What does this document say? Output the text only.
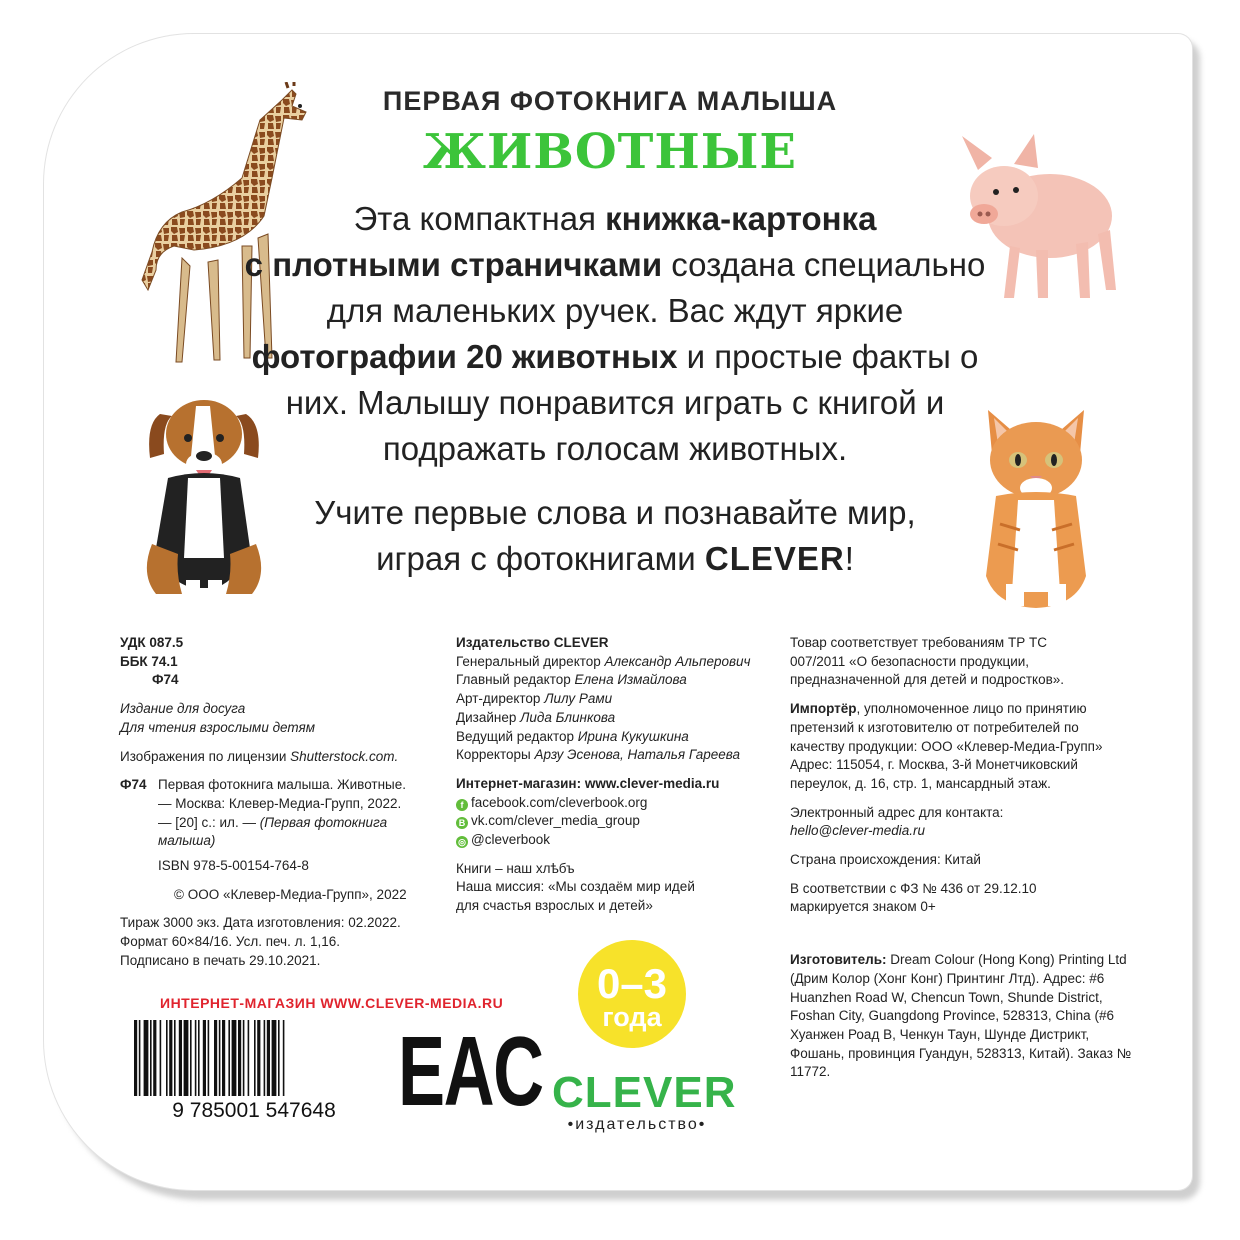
ПЕРВАЯ ФОТОКНИГА МАЛЫША
ЖИВОТНЫЕ
Эта компактная книжка-картонка
с плотными страничками создана специально для маленьких ручек. Вас ждут яркие фотографии 20 животных и простые факты о них. Малышу понравится играть с книгой и подражать голосам животных.
Учите первые слова и познавайте мир, играя с фотокнигами CLEVER!
УДК 087.5
ББК 74.1
Ф74
Издание для досуга
Для чтения взрослыми детям
Изображения по лицензии Shutterstock.com.
Ф74 Первая фотокнига малыша. Животные. — Москва: Клевер-Медиа-Групп, 2022. — [20] с.: ил. — (Первая фотокнига малыша)
ISBN 978-5-00154-764-8
© ООО «Клевер-Медиа-Групп», 2022
Тираж 3000 экз. Дата изготовления: 02.2022.
Формат 60×84/16. Усл. печ. л. 1,16.
Подписано в печать 29.10.2021.
Издательство CLEVER
Генеральный директор Александр Альперович
Главный редактор Елена Измайлова
Арт-директор Лилу Рами
Дизайнер Лида Блинкова
Ведущий редактор Ирина Кукушкина
Корректоры Арзу Эсенова, Наталья Гареева
Интернет-магазин: www.clever-media.ru
f facebook.com/cleverbook.org
B vk.com/clever_media_group
◎ @cleverbook
Книги – наш хлѣбъ
Наша миссия: «Мы создаём мир идей для счастья взрослых и детей»
Товар соответствует требованиям ТР ТС 007/2011 «О безопасности продукции, предназначенной для детей и подростков».
Импортёр, уполномоченное лицо по принятию претензий к изготовителю от потребителей по качеству продукции: ООО «Клевер-Медиа-Групп» Адрес: 115054, г. Москва, 3-й Монетчиковский переулок, д. 16, стр. 1, мансардный этаж.
Электронный адрес для контакта:
hello@clever-media.ru
Страна происхождения: Китай
В соответствии с ФЗ № 436 от 29.12.10 маркируется знаком 0+
Изготовитель: Dream Colour (Hong Kong) Printing Ltd (Дрим Колор (Хонг Конг) Принтинг Лтд). Адрес: #6 Huanzhen Road W, Chencun Town, Shunde District, Foshan City, Guangdong Province, 528313, China (#6 Хуанжен Роад В, Ченкун Таун, Шунде Дистрикт, Фошань, провинция Гуандун, 528313, Китай). Заказ № 11772.
ИНТЕРНЕТ-МАГАЗИН WWW.CLEVER-MEDIA.RU
9 785001 547648 EAC
0–3
года
CLEVER
•издательство•
